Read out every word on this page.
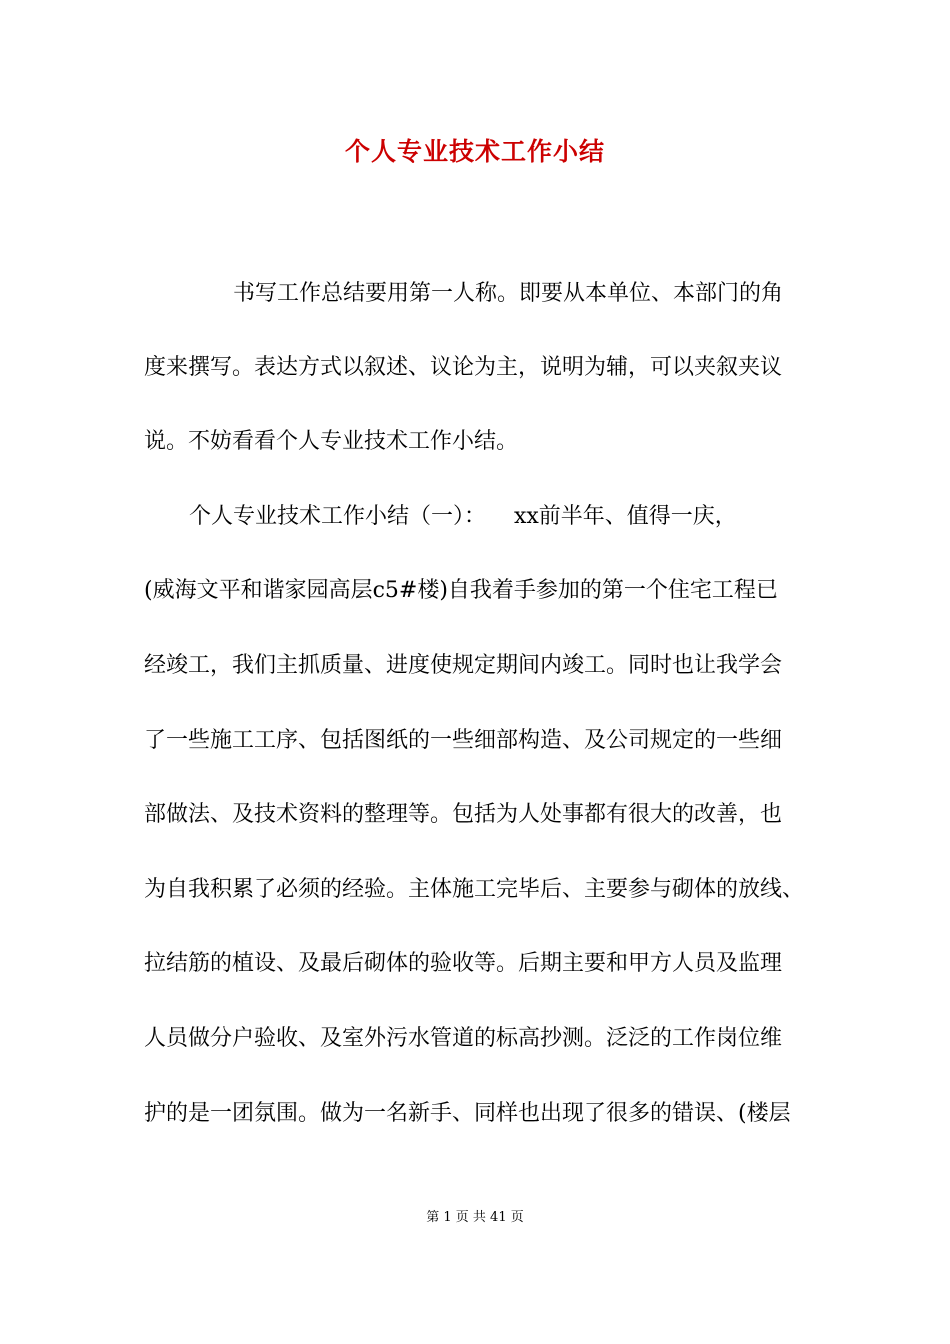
个人专业技术工作小结
书写工作总结要用第一人称。即要从本单位、本部门的角
度来撰写。表达方式以叙述、议论为主，说明为辅，可以夹叙夹议
说。不妨看看个人专业技术工作小结。
个人专业技术工作小结（一）：    xx前半年、值得一庆，
(威海文平和谐家园高层c5#楼)自我着手参加的第一个住宅工程已
经竣工，我们主抓质量、进度使规定期间内竣工。同时也让我学会
了一些施工工序、包括图纸的一些细部构造、及公司规定的一些细
部做法、及技术资料的整理等。包括为人处事都有很大的改善，也
为自我积累了必须的经验。主体施工完毕后、主要参与砌体的放线、
拉结筋的植设、及最后砌体的验收等。后期主要和甲方人员及监理
人员做分户验收、及室外污水管道的标高抄测。泛泛的工作岗位维
护的是一团氛围。做为一名新手、同样也出现了很多的错误、(楼层
第 1 页 共 41 页
